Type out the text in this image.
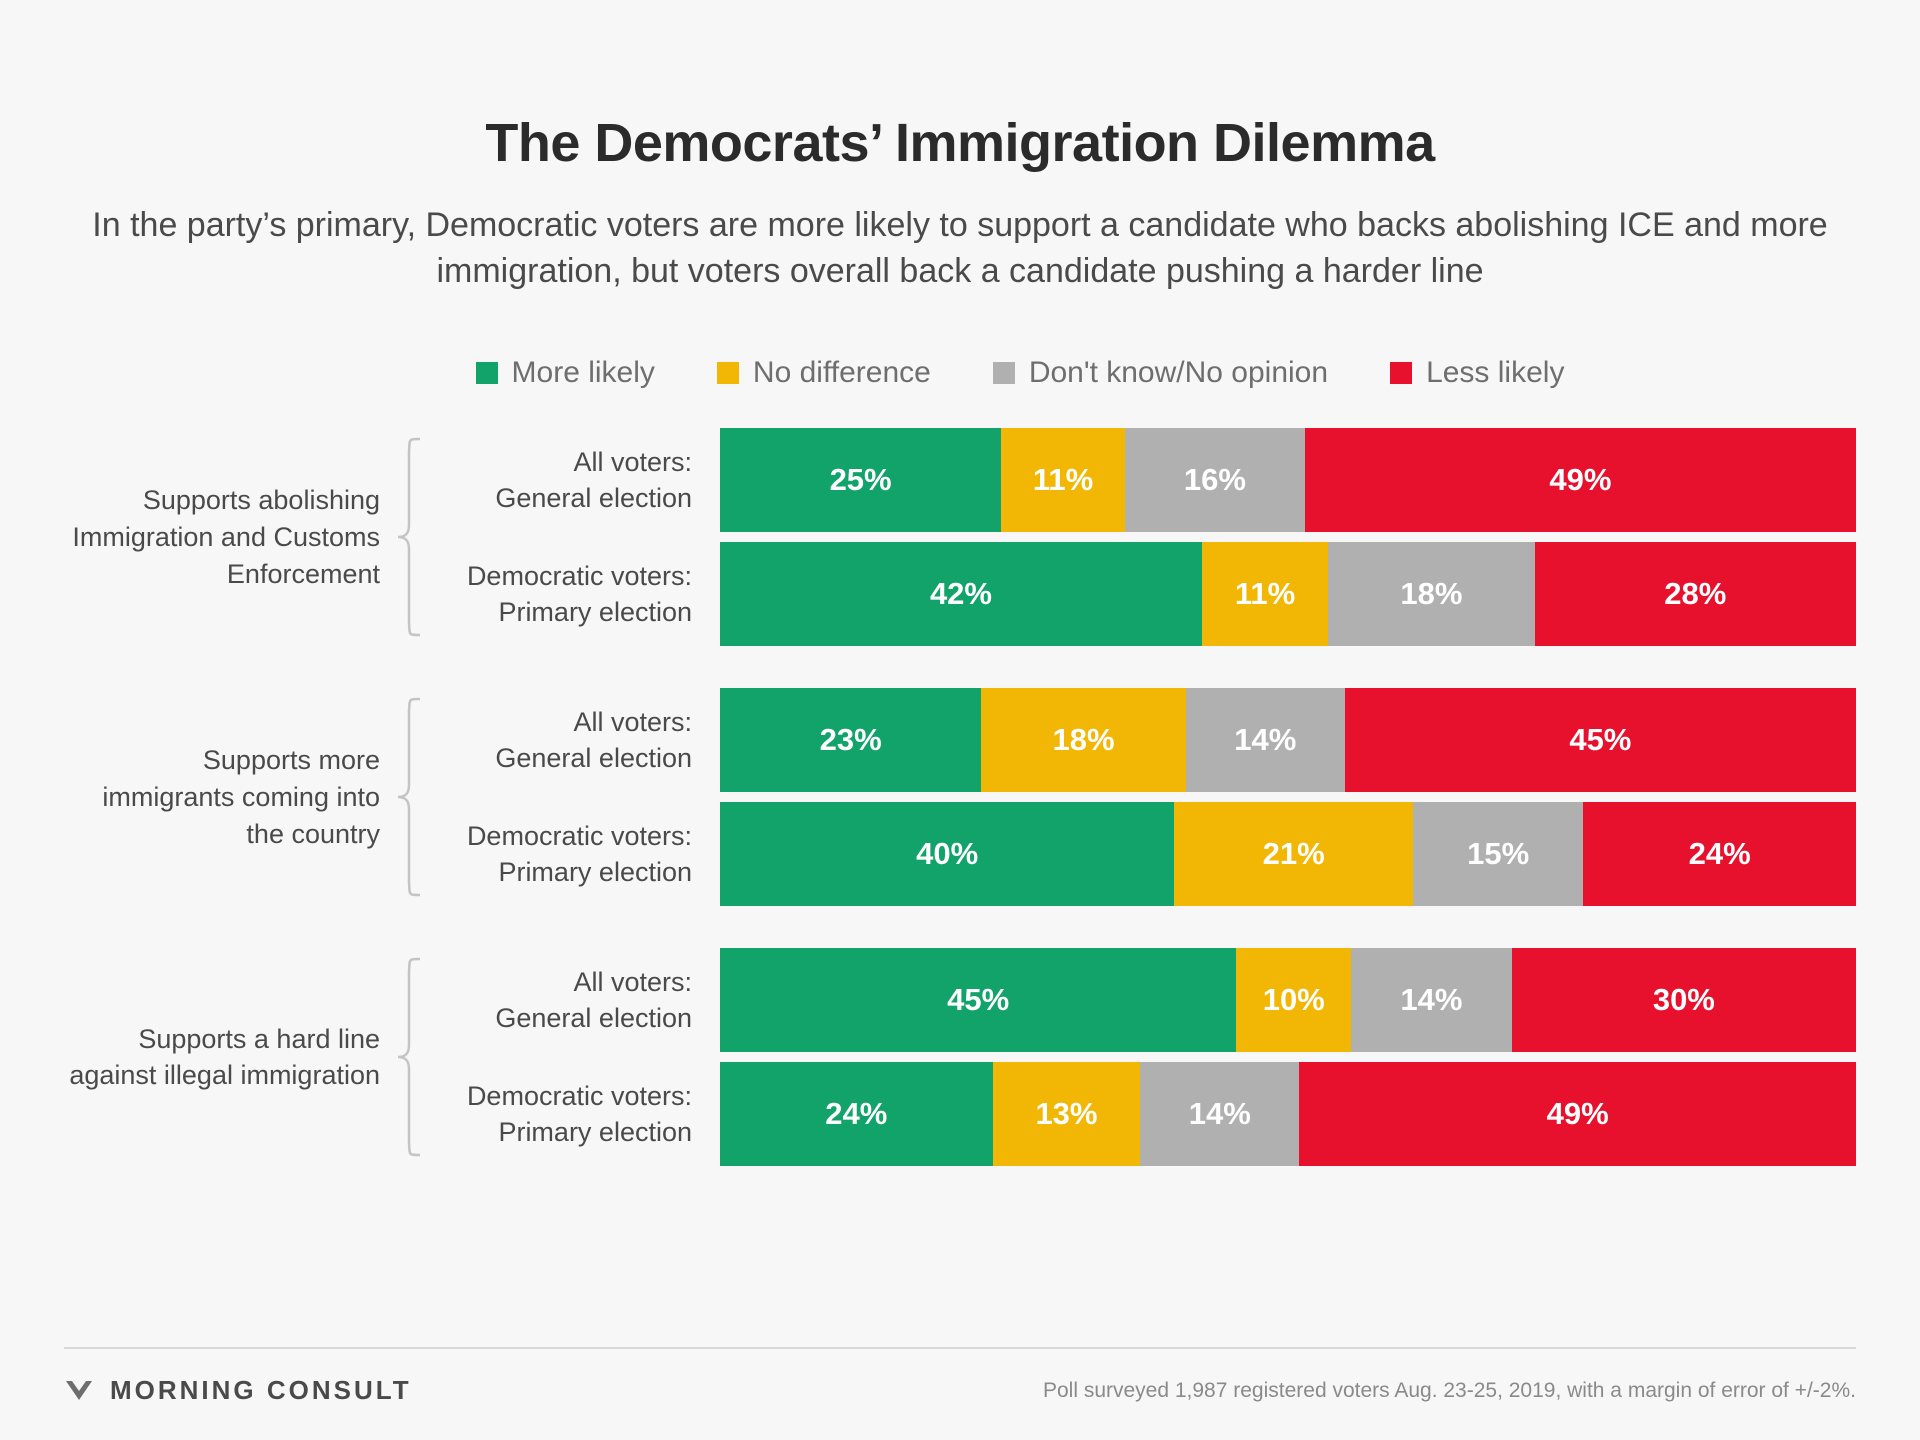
The Democrats’ Immigration Dilemma
In the party’s primary, Democratic voters are more likely to support a candidate who backs abolishing ICE and more immigration, but voters overall back a candidate pushing a harder line
More likely	No difference	Don't know/No opinion	Less likely
Supports abolishing Immigration and Customs Enforcement
All voters:
General election
25%	11%	16%	49%
Democratic voters:
Primary election
42%	11%	18%	28%
Supports more immigrants coming into the country
All voters:
General election
23%	18%	14%	45%
Democratic voters:
Primary election
40%	21%	15%	24%
Supports a hard line against illegal immigration
All voters:
General election
45%	10% 14%	30%
Democratic voters:
Primary election
24%	13%	14%	49%
MORNING CONSULT	Poll surveyed 1,987 registered voters Aug. 23-25, 2019, with a margin of error of +/-2%.
